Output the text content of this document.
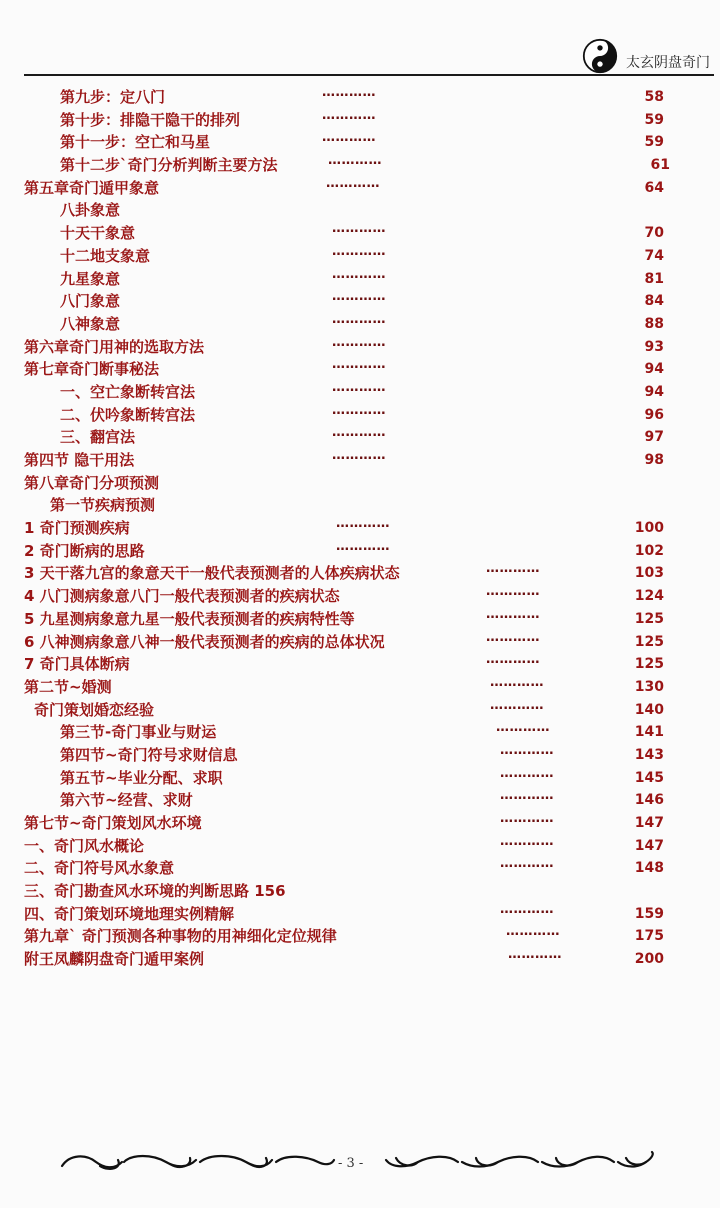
太玄阴盘奇门
第九步：定八门	…………	58
第十步：排隐干隐干的排列	…………	59
第十一步：空亡和马星	…………	59
第十二步`奇门分析判断主要方法	…………	61
第五章奇门遁甲象意	…………	64
八卦象意
十天干象意	…………	70
十二地支象意	…………	74
九星象意	…………	81
八门象意	…………	84
八神象意	…………	88
第六章奇门用神的选取方法	…………	93
第七章奇门断事秘法	…………	94
一、空亡象断转宫法	…………	94
二、伏吟象断转宫法	…………	96
三、翻宫法	…………	97
第四节 隐干用法	…………	98
第八章奇门分项预测
第一节疾病预测
1 奇门预测疾病	…………	100
2 奇门断病的思路	…………	102
3 天干落九宫的象意天干一般代表预测者的人体疾病状态	…………	103
4 八门测病象意八门一般代表预测者的疾病状态	…………	124
5 九星测病象意九星一般代表预测者的疾病特性等	…………	125
6 八神测病象意八神一般代表预测者的疾病的总体状况	…………	125
7 奇门具体断病	…………	125
第二节~婚测	…………	130
奇门策划婚恋经验	…………	140
第三节-奇门事业与财运	…………	141
第四节~奇门符号求财信息	…………	143
第五节~毕业分配、求职	…………	145
第六节~经营、求财	…………	146
第七节~奇门策划风水环境	…………	147
一、奇门风水概论	…………	147
二、奇门符号风水象意	…………	148
三、奇门勘查风水环境的判断思路 156
四、奇门策划环境地理实例精解	…………	159
第九章` 奇门预测各种事物的用神细化定位规律	…………	175
附王凤麟阴盘奇门遁甲案例	…………	200
- 3 -
